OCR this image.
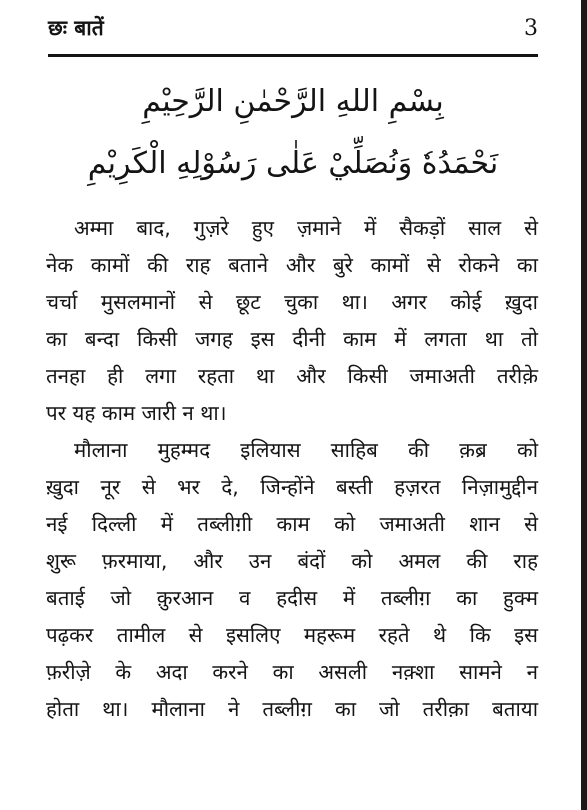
छः बातें	3
بِسْمِ اللهِ الرَّحْمٰنِ الرَّحِيْمِ
نَحْمَدُهٗ وَنُصَلِّيْ عَلٰى رَسُوْلِهِ الْكَرِيْمِ
अम्मा बाद, गुज़रे हुए ज़माने में सैकड़ों साल से
नेक कामों की राह बताने और बुरे कामों से रोकने का
चर्चा मुसलमानों से छूट चुका था। अगर कोई ख़ुदा
का बन्दा किसी जगह इस दीनी काम में लगता था तो
तनहा ही लगा रहता था और किसी जमाअती तरीक़े
पर यह काम जारी न था।
मौलाना मुहम्मद इलियास साहिब की क़ब्र को
ख़ुदा नूर से भर दे, जिन्होंने बस्ती हज़रत निज़ामुद्दीन
नई दिल्ली में तब्लीग़ी काम को जमाअती शान से
शुरू फ़रमाया, और उन बंदों को अमल की राह
बताई जो क़ुरआन व हदीस में तब्लीग़ का हुक्म
पढ़कर तामील से इसलिए महरूम रहते थे कि इस
फ़रीज़े के अदा करने का असली नक़्शा सामने न
होता था। मौलाना ने तब्लीग़ का जो तरीक़ा बताया
